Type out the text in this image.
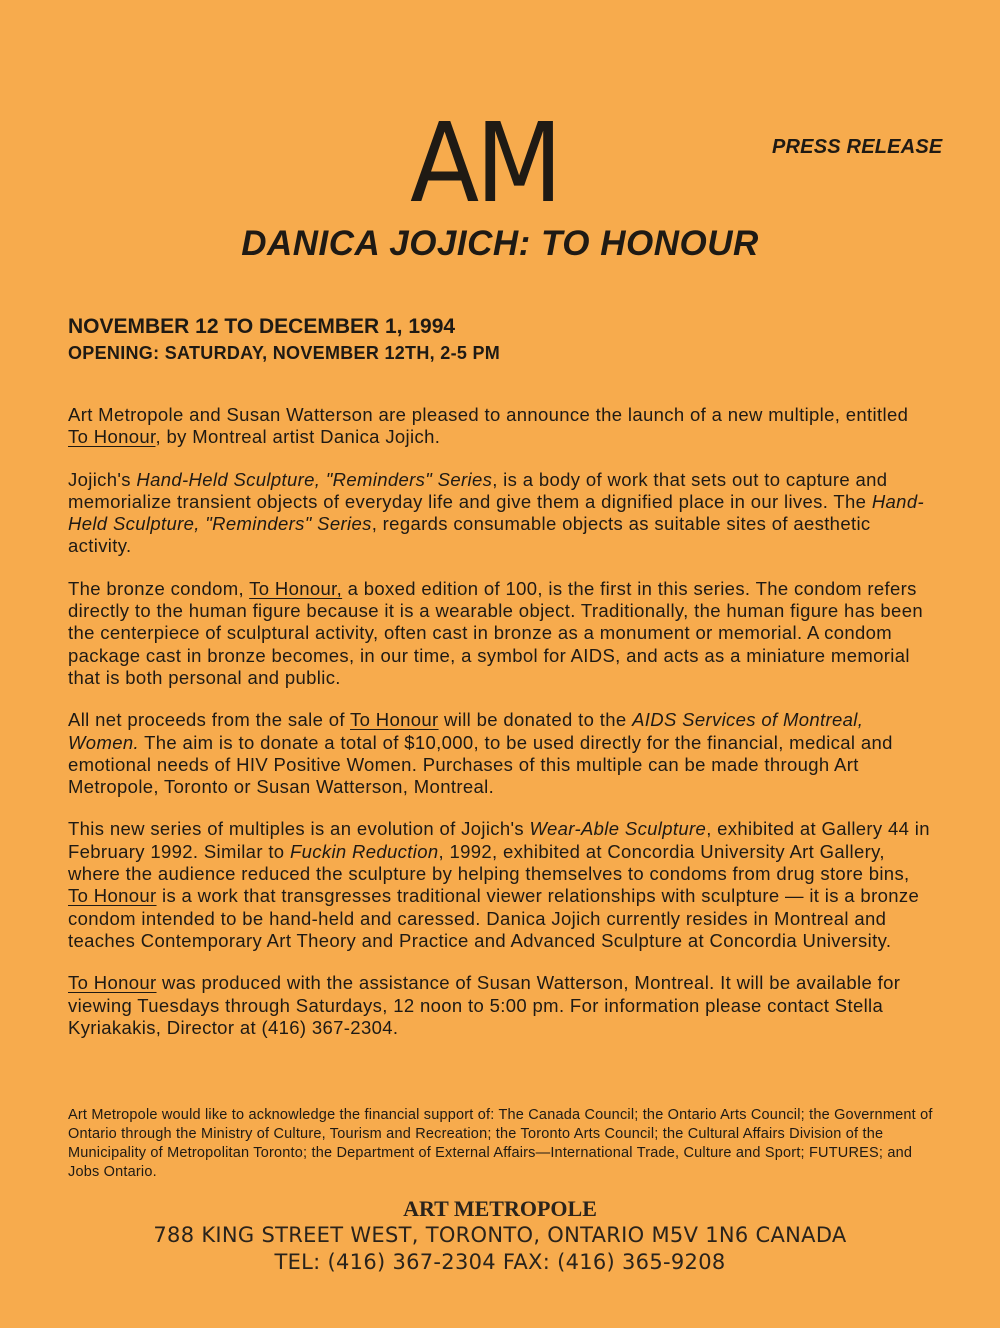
AM	PRESS RELEASE
DANICA JOJICH: TO HONOUR
NOVEMBER 12 TO DECEMBER 1, 1994
OPENING: SATURDAY, NOVEMBER 12TH, 2-5 PM

Art Metropole and Susan Watterson are pleased to announce the launch of a new multiple, entitled To Honour, by Montreal artist Danica Jojich.

Jojich's Hand-Held Sculpture, "Reminders" Series, is a body of work that sets out to capture and memorialize transient objects of everyday life and give them a dignified place in our lives. The Hand-Held Sculpture, "Reminders" Series, regards consumable objects as suitable sites of aesthetic activity.

The bronze condom, To Honour, a boxed edition of 100, is the first in this series. The condom refers directly to the human figure because it is a wearable object. Traditionally, the human figure has been the centerpiece of sculptural activity, often cast in bronze as a monument or memorial. A condom package cast in bronze becomes, in our time, a symbol for AIDS, and acts as a miniature memorial that is both personal and public.

All net proceeds from the sale of To Honour will be donated to the AIDS Services of Montreal, Women. The aim is to donate a total of $10,000, to be used directly for the financial, medical and emotional needs of HIV Positive Women. Purchases of this multiple can be made through Art Metropole, Toronto or Susan Watterson, Montreal.

This new series of multiples is an evolution of Jojich's Wear-Able Sculpture, exhibited at Gallery 44 in February 1992. Similar to Fuckin Reduction, 1992, exhibited at Concordia University Art Gallery, where the audience reduced the sculpture by helping themselves to condoms from drug store bins, To Honour is a work that transgresses traditional viewer relationships with sculpture — it is a bronze condom intended to be hand-held and caressed. Danica Jojich currently resides in Montreal and teaches Contemporary Art Theory and Practice and Advanced Sculpture at Concordia University.

To Honour was produced with the assistance of Susan Watterson, Montreal. It will be available for viewing Tuesdays through Saturdays, 12 noon to 5:00 pm. For information please contact Stella Kyriakakis, Director at (416) 367-2304.

Art Metropole would like to acknowledge the financial support of: The Canada Council; the Ontario Arts Council; the Government of Ontario through the Ministry of Culture, Tourism and Recreation; the Toronto Arts Council; the Cultural Affairs Division of the Municipality of Metropolitan Toronto; the Department of External Affairs—International Trade, Culture and Sport; FUTURES; and Jobs Ontario.
ART METROPOLE
788 KING STREET WEST, TORONTO, ONTARIO M5V 1N6 CANADA
TEL: (416) 367-2304 FAX: (416) 365-9208
